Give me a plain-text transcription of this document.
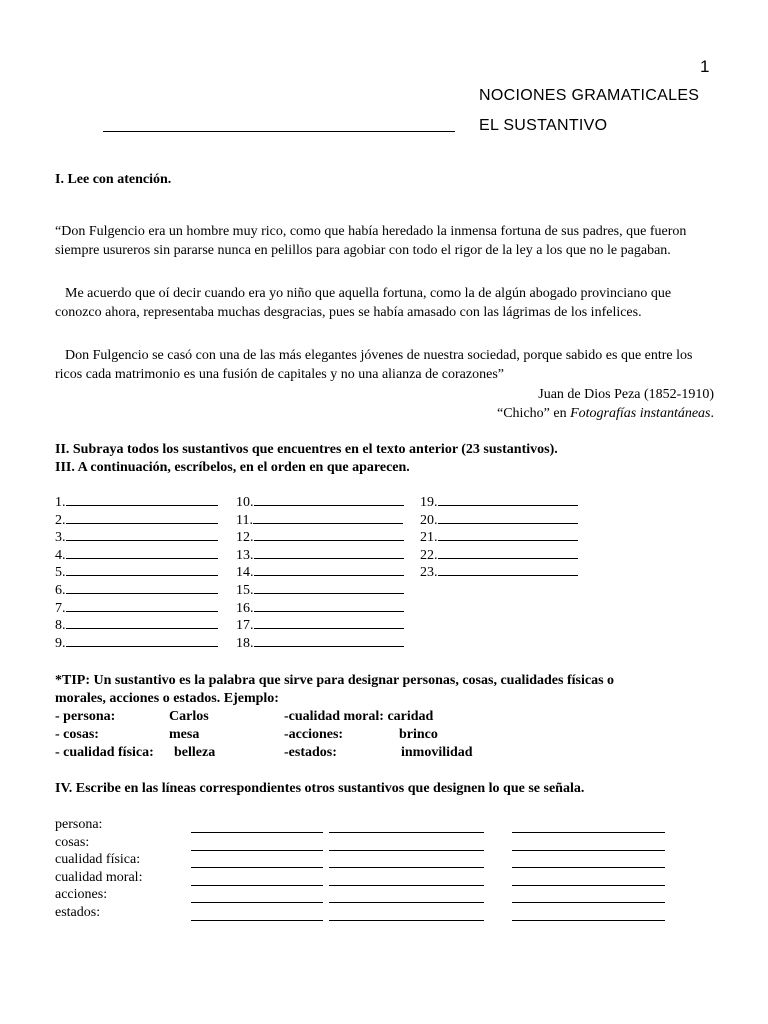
1
NOCIONES GRAMATICALES
EL SUSTANTIVO
I. Lee con atención.
“Don Fulgencio era un hombre muy rico, como que había heredado la inmensa fortuna de sus padres, que fueron siempre usureros sin pararse nunca en pelillos para agobiar con todo el rigor de la ley a los que no le pagaban.
Me acuerdo que oí decir cuando era yo niño que aquella fortuna, como la de algún abogado provinciano que conozco ahora, representaba muchas desgracias, pues se había amasado con las lágrimas de los infelices.
Don Fulgencio se casó con una de las más elegantes jóvenes de nuestra sociedad, porque sabido es que entre los ricos cada matrimonio es una fusión de capitales y no una alianza de corazones”
Juan de Dios Peza (1852-1910)
“Chicho” en Fotografías instantáneas.
II. Subraya todos los sustantivos que encuentres en el texto anterior (23 sustantivos).
III. A continuación, escríbelos, en el orden en que aparecen.
1.
2.
3.
4.
5.
6.
7.
8.
9.
10.
11.
12.
13.
14.
15.
16.
17.
18.
19.
20.
21.
22.
23.
*TIP: Un sustantivo es la palabra que sirve para designar personas, cosas, cualidades físicas o
morales, acciones o estados. Ejemplo:
- persona:	Carlos	-cualidad moral: caridad
- cosas:	mesa	-acciones:	brinco
- cualidad física: belleza	-estados:	inmovilidad
IV. Escribe en las líneas correspondientes otros sustantivos que designen lo que se señala.
persona:
cosas:
cualidad física:
cualidad moral:
acciones:
estados:
